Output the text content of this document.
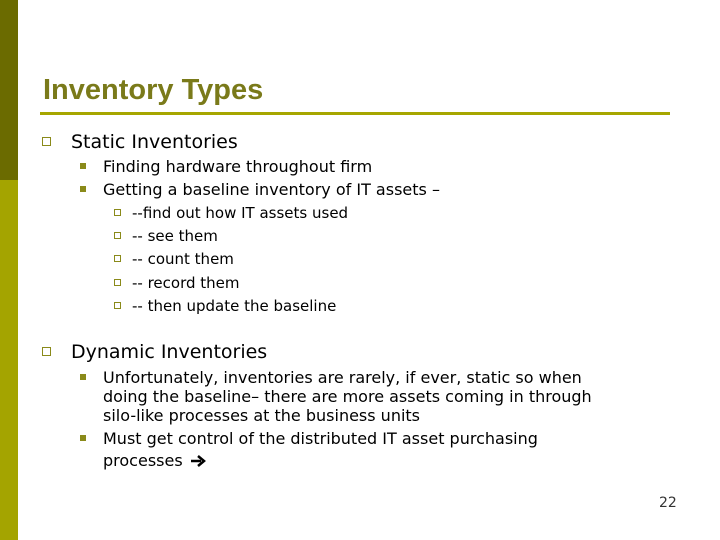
Inventory Types
Static Inventories
Finding hardware throughout firm
Getting a baseline inventory of IT assets –
--find out how IT assets used
-- see them
-- count them
-- record them
-- then update the baseline
Dynamic Inventories
Unfortunately, inventories are rarely, if ever, static so when
doing the baseline– there are more assets coming in through
silo-like processes at the business units
Must get control of the distributed IT asset purchasing
processes
22
